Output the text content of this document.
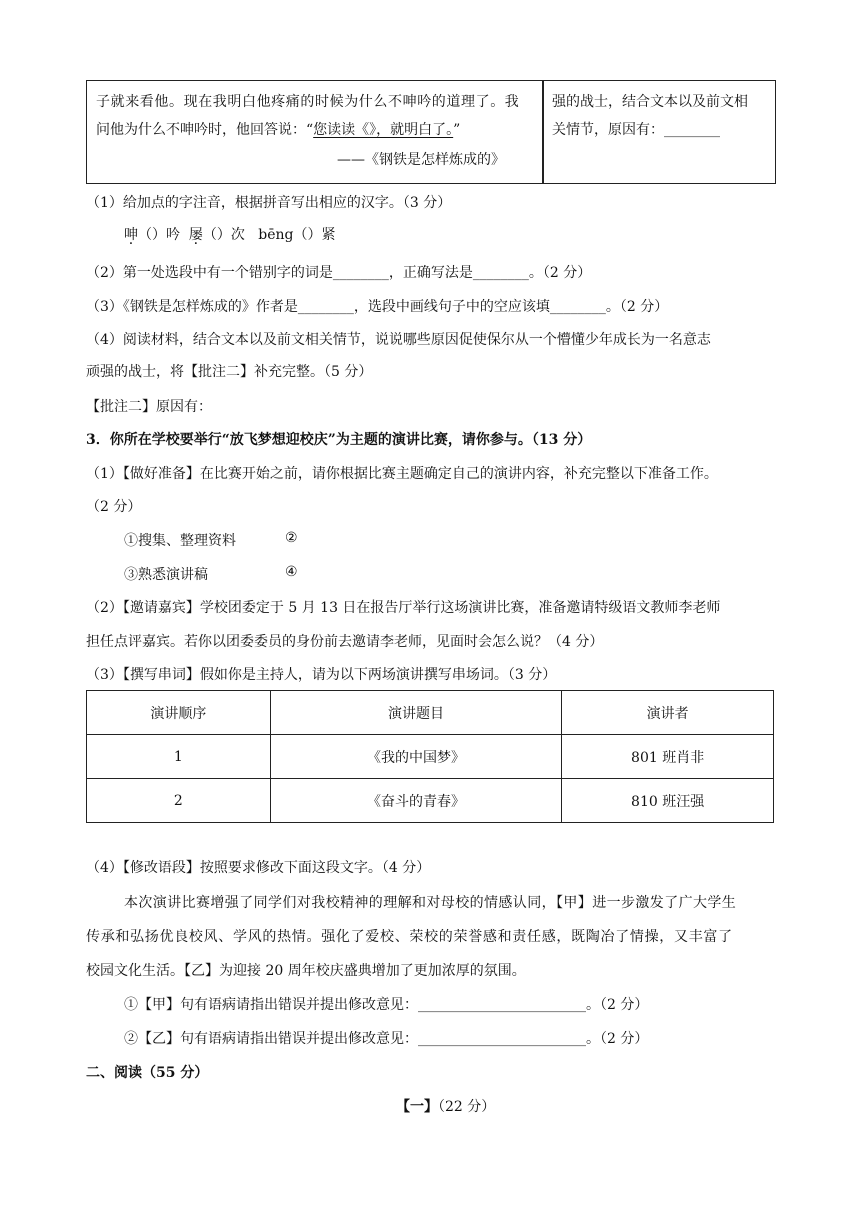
子就来看他。现在我明白他疼痛的时候为什么不呻吟的道理了。我
问他为什么不呻吟时，他回答说：“您读读《》，就明白了。”
——《钢铁是怎样炼成的》
强的战士，结合文本以及前文相
关情节，原因有：________
（1）给加点的字注音，根据拼音写出相应的汉字。（3 分）
呻（）吟 屡（）次 bēng（）紧
（2）第一处选段中有一个错别字的词是________，正确写法是________。（2 分）
（3）《钢铁是怎样炼成的》作者是________，选段中画线句子中的空应该填________。（2 分）
（4）阅读材料，结合文本以及前文相关情节，说说哪些原因促使保尔从一个懵懂少年成长为一名意志
顽强的战士，将【批注二】补充完整。（5 分）
【批注二】原因有：
3．你所在学校要举行“放飞梦想迎校庆”为主题的演讲比赛，请你参与。（13 分）
（1）【做好准备】在比赛开始之前，请你根据比赛主题确定自己的演讲内容，补充完整以下准备工作。
（2 分）
①搜集、整理资料	②
③熟悉演讲稿	④
（2）【邀请嘉宾】学校团委定于 5 月 13 日在报告厅举行这场演讲比赛，准备邀请特级语文教师李老师
担任点评嘉宾。若你以团委委员的身份前去邀请李老师，见面时会怎么说？（4 分）
（3）【撰写串词】假如你是主持人，请为以下两场演讲撰写串场词。（3 分）
演讲顺序	演讲题目	演讲者
1	《我的中国梦》	801 班肖非
2	《奋斗的青春》	810 班汪强
（4）【修改语段】按照要求修改下面这段文字。（4 分）
本次演讲比赛增强了同学们对我校精神的理解和对母校的情感认同，【甲】进一步激发了广大学生
传承和弘扬优良校风、学风的热情。强化了爱校、荣校的荣誉感和责任感，既陶冶了情操，又丰富了
校园文化生活。【乙】为迎接 20 周年校庆盛典增加了更加浓厚的氛围。
①【甲】句有语病请指出错误并提出修改意见：________________________。（2 分）
②【乙】句有语病请指出错误并提出修改意见：________________________。（2 分）
二、阅读（55 分）
【一】（22 分）
